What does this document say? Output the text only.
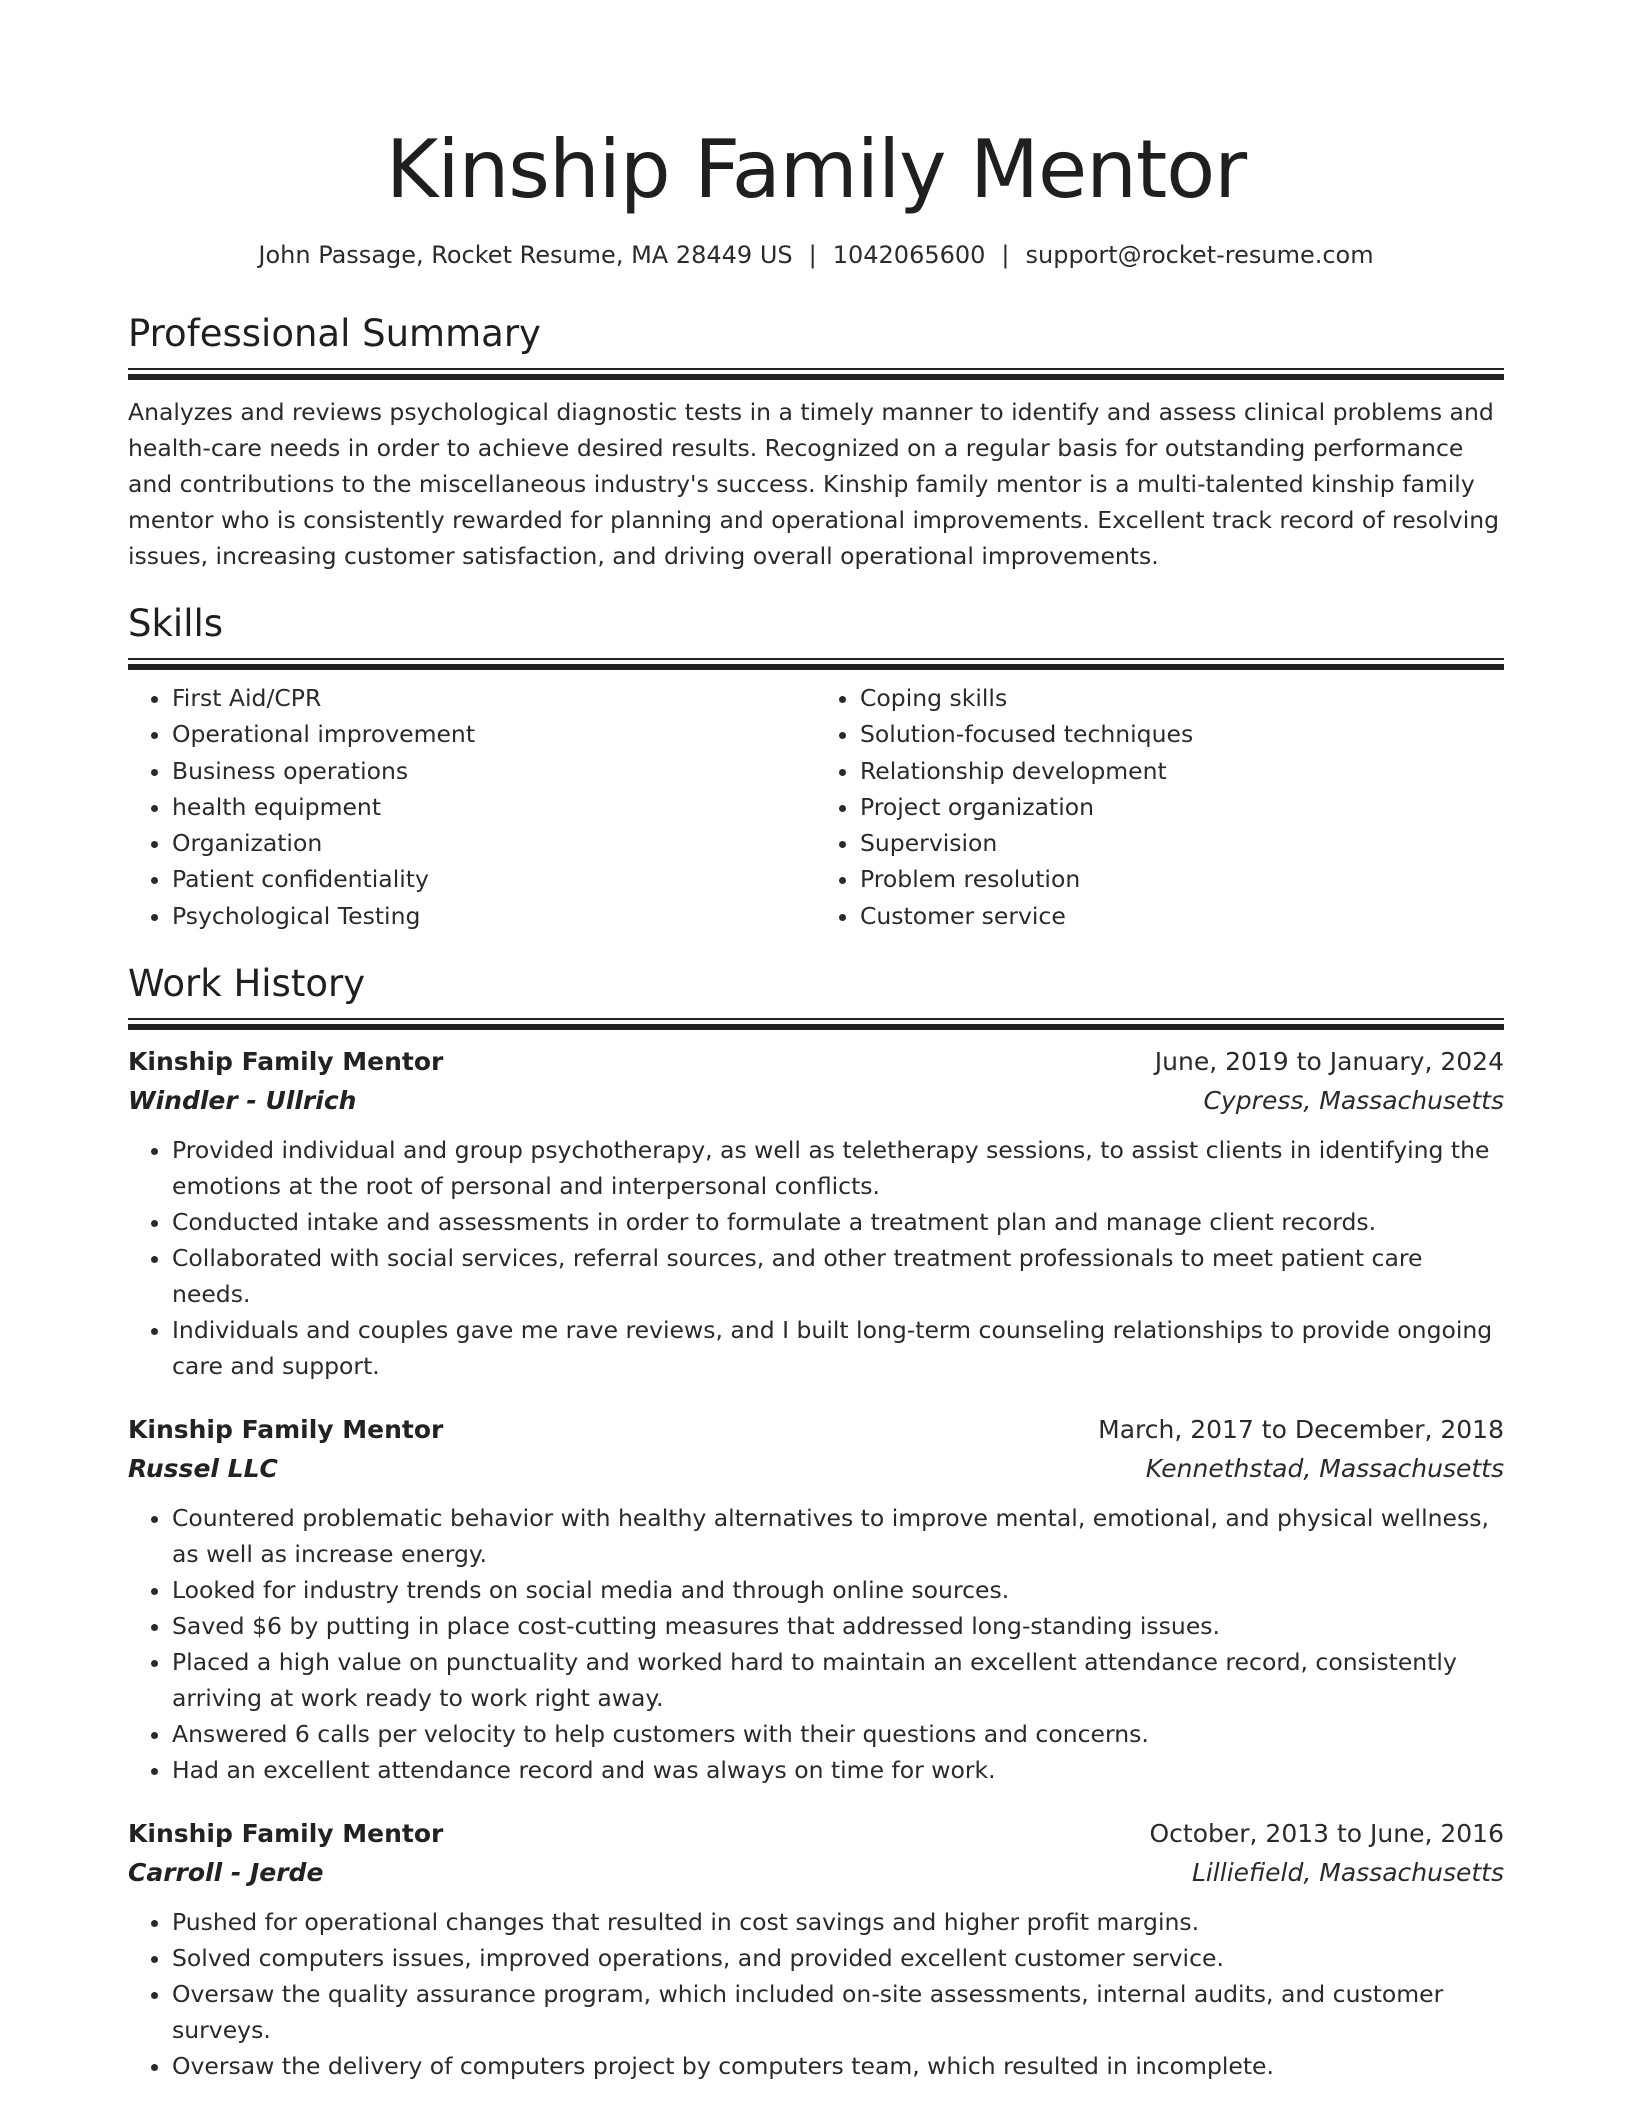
Kinship Family Mentor
John Passage, Rocket Resume, MA 28449 US | 1042065600 | support@rocket-resume.com
Professional Summary

Analyzes and reviews psychological diagnostic tests in a timely manner to identify and assess clinical problems and health-care needs in order to achieve desired results. Recognized on a regular basis for outstanding performance and contributions to the miscellaneous industry's success. Kinship family mentor is a multi-talented kinship family mentor who is consistently rewarded for planning and operational improvements. Excellent track record of resolving issues, increasing customer satisfaction, and driving overall operational improvements.

Skills
• First Aid/CPR
• Operational improvement
• Business operations
• health equipment
• Organization
• Patient confidentiality
• Psychological Testing
• Coping skills
• Solution-focused techniques
• Relationship development
• Project organization
• Supervision
• Problem resolution
• Customer service
Work History
Kinship Family Mentor	June, 2019 to January, 2024
Windler - Ullrich	Cypress, Massachusetts
• Provided individual and group psychotherapy, as well as teletherapy sessions, to assist clients in identifying the emotions at the root of personal and interpersonal conflicts.
• Conducted intake and assessments in order to formulate a treatment plan and manage client records.
• Collaborated with social services, referral sources, and other treatment professionals to meet patient care needs.
• Individuals and couples gave me rave reviews, and I built long-term counseling relationships to provide ongoing care and support.
Kinship Family Mentor	March, 2017 to December, 2018
Russel LLC	Kennethstad, Massachusetts
• Countered problematic behavior with healthy alternatives to improve mental, emotional, and physical wellness, as well as increase energy.
• Looked for industry trends on social media and through online sources.
• Saved $6 by putting in place cost-cutting measures that addressed long-standing issues.
• Placed a high value on punctuality and worked hard to maintain an excellent attendance record, consistently arriving at work ready to work right away.
• Answered 6 calls per velocity to help customers with their questions and concerns.
• Had an excellent attendance record and was always on time for work.
Kinship Family Mentor	October, 2013 to June, 2016
Carroll - Jerde	Lilliefield, Massachusetts
• Pushed for operational changes that resulted in cost savings and higher profit margins.
• Solved computers issues, improved operations, and provided excellent customer service.
• Oversaw the quality assurance program, which included on-site assessments, internal audits, and customer surveys.
• Oversaw the delivery of computers project by computers team, which resulted in incomplete.
